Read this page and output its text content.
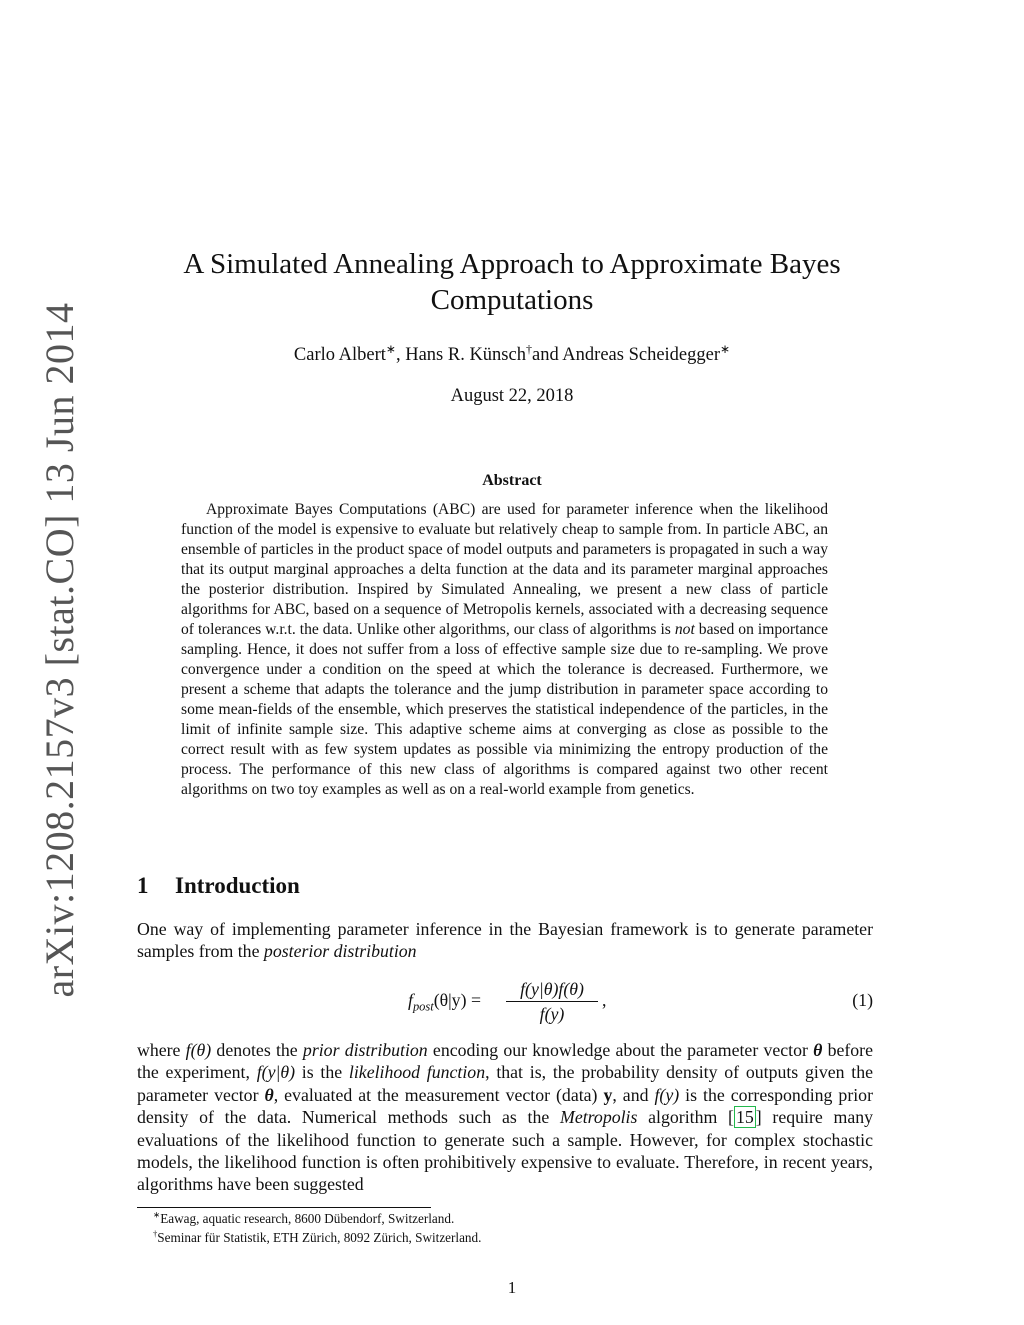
arXiv:1208.2157v3 [stat.CO] 13 Jun 2014
A Simulated Annealing Approach to Approximate Bayes
Computations
Carlo Albert∗, Hans R. Künsch†and Andreas Scheidegger∗
August 22, 2018
Abstract
Approximate Bayes Computations (ABC) are used for parameter inference when the likelihood function of the model is expensive to evaluate but relatively cheap to sample from. In particle ABC, an ensemble of particles in the product space of model outputs and parameters is propagated in such a way that its output marginal approaches a delta function at the data and its parameter marginal approaches the posterior distribution. Inspired by Simulated Annealing, we present a new class of particle algorithms for ABC, based on a sequence of Metropolis kernels, associated with a decreasing sequence of tolerances w.r.t. the data. Unlike other algorithms, our class of algorithms is not based on importance sampling. Hence, it does not suffer from a loss of effective sample size due to re-sampling. We prove convergence under a condition on the speed at which the tolerance is decreased. Furthermore, we present a scheme that adapts the tolerance and the jump distribution in parameter space according to some mean-fields of the ensemble, which preserves the statistical independence of the particles, in the limit of infinite sample size. This adaptive scheme aims at converging as close as possible to the correct result with as few system updates as possible via minimizing the entropy production of the process. The performance of this new class of algorithms is compared against two other recent algorithms on two toy examples as well as on a real-world example from genetics.
1 Introduction
One way of implementing parameter inference in the Bayesian framework is to generate parameter samples from the posterior distribution
$f_{post}(\theta|y)$ =
f(y|θ)f(θ)
f(y)
,	(1)
where f(θ) denotes the prior distribution encoding our knowledge about the parameter vector θ before the experiment, f(y|θ) is the likelihood function, that is, the probability density of outputs given the parameter vector θ, evaluated at the measurement vector (data) y, and f(y) is the corresponding prior density of the data. Numerical methods such as the Metropolis algorithm [ 15 ] require many evaluations of the likelihood function to generate such a sample. However, for complex stochastic models, the likelihood function is often prohibitively expensive to evaluate. Therefore, in recent years, algorithms have been suggested
∗Eawag, aquatic research, 8600 Dübendorf, Switzerland.
†Seminar für Statistik, ETH Zürich, 8092 Zürich, Switzerland.
1
